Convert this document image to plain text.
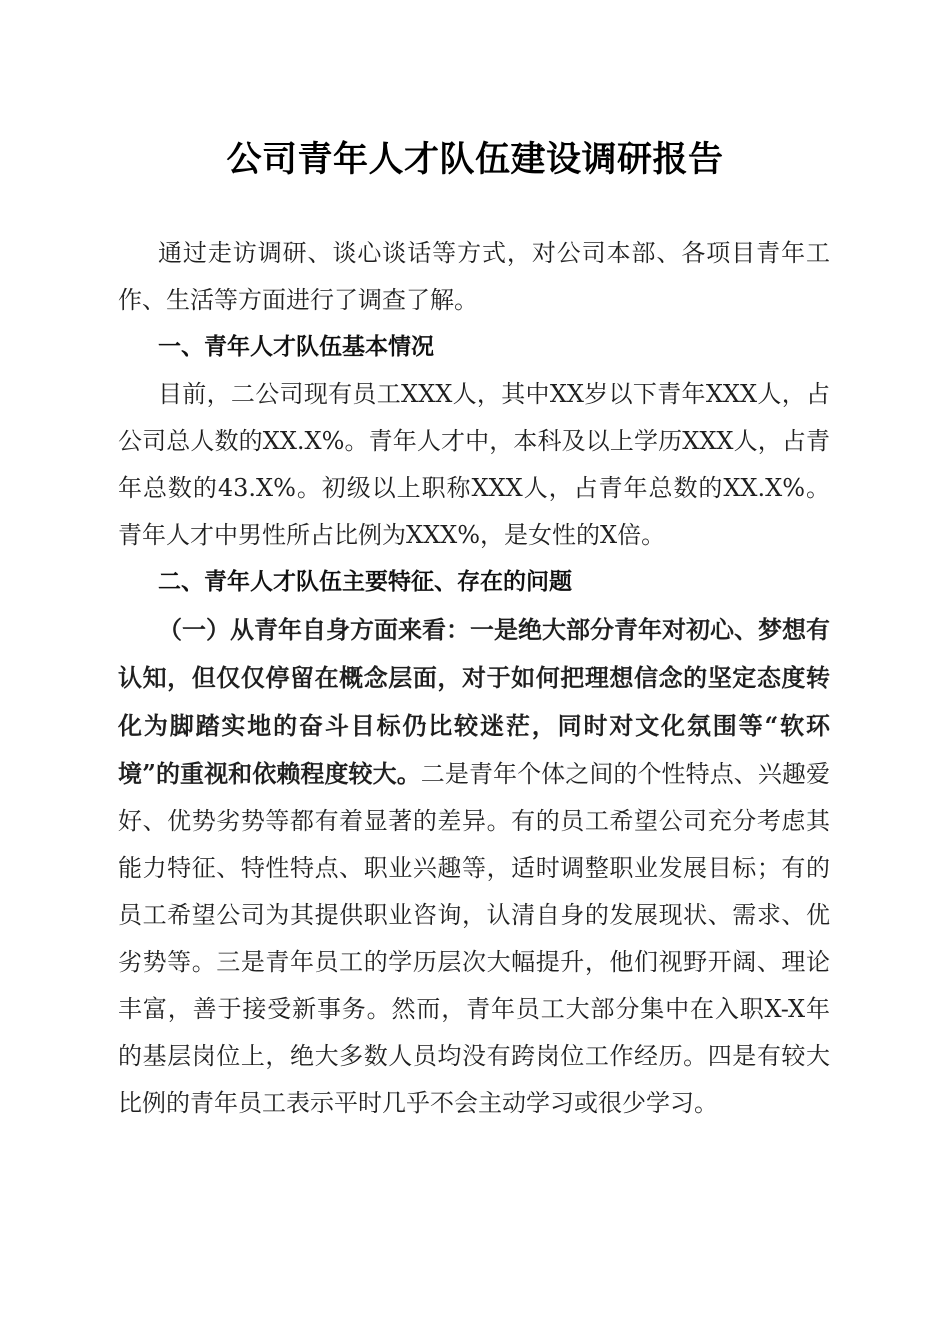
公司青年人才队伍建设调研报告

通过走访调研、谈心谈话等方式，对公司本部、各项目青年工作、生活等方面进行了调查了解。

一、青年人才队伍基本情况

目前，二公司现有员工XXX人，其中XX岁以下青年XXX人，占公司总人数的XX.X%。青年人才中，本科及以上学历XXX人，占青年总数的43.X%。初级以上职称XXX人，占青年总数的XX.X%。青年人才中男性所占比例为XXX%，是女性的X倍。

二、青年人才队伍主要特征、存在的问题

（一）从青年自身方面来看：一是绝大部分青年对初心、梦想有认知，但仅仅停留在概念层面，对于如何把理想信念的坚定态度转化为脚踏实地的奋斗目标仍比较迷茫，同时对文化氛围等“软环境”的重视和依赖程度较大。二是青年个体之间的个性特点、兴趣爱好、优势劣势等都有着显著的差异。有的员工希望公司充分考虑其能力特征、特性特点、职业兴趣等，适时调整职业发展目标；有的员工希望公司为其提供职业咨询，认清自身的发展现状、需求、优劣势等。三是青年员工的学历层次大幅提升，他们视野开阔、理论丰富，善于接受新事务。然而，青年员工大部分集中在入职X-X年的基层岗位上，绝大多数人员均没有跨岗位工作经历。四是有较大比例的青年员工表示平时几乎不会主动学习或很少学习。
